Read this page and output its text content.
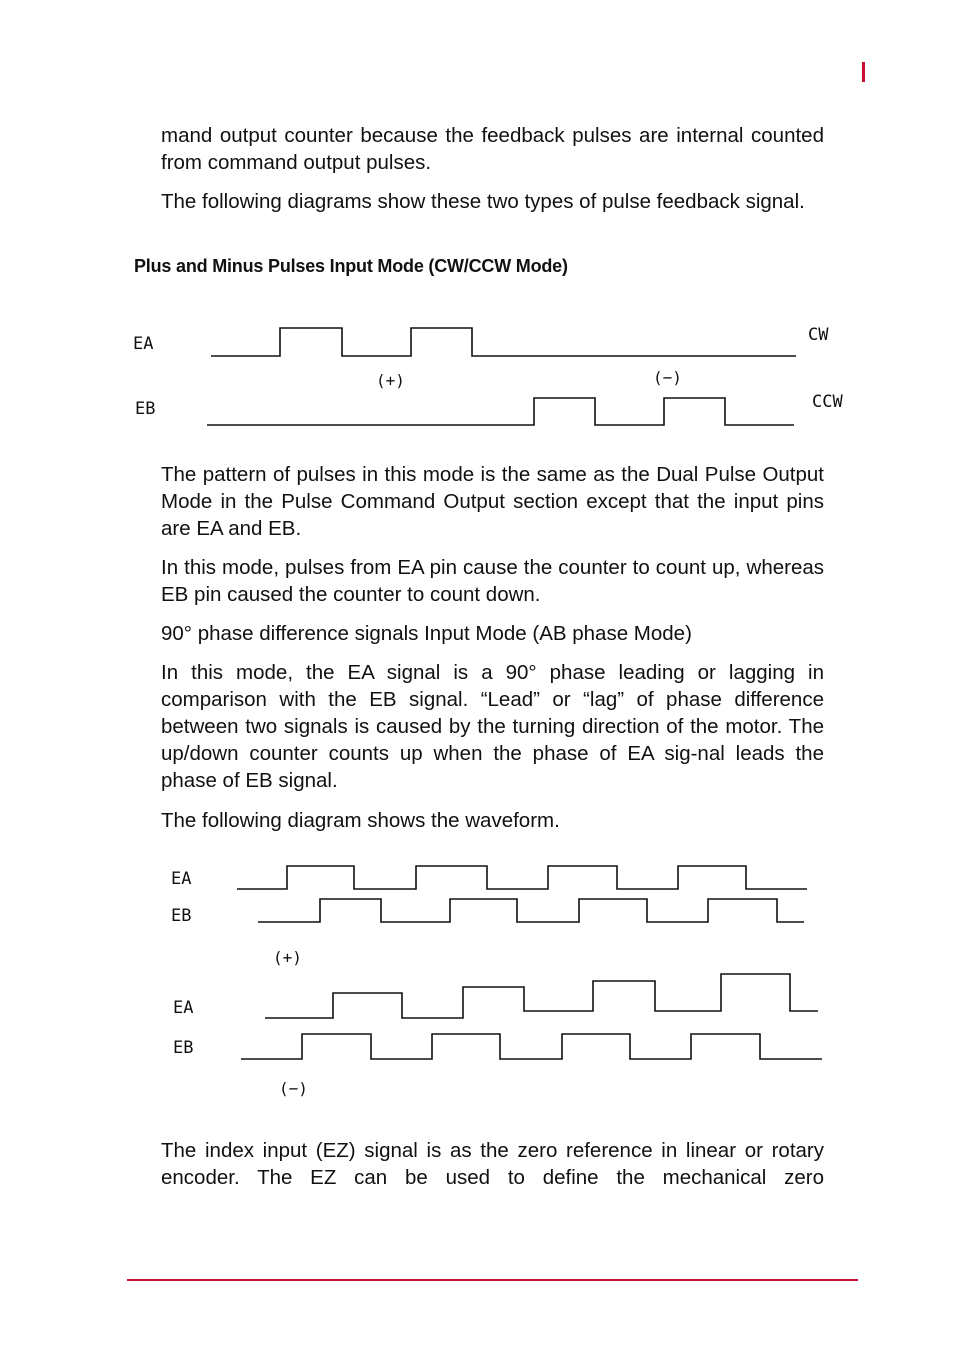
mand output counter because the feedback pulses are internal counted from command output pulses.

The following diagrams show these two types of pulse feedback signal.

Plus and Minus Pulses Input Mode (CW/CCW Mode)

EA
EB
CW
CCW
(+)	(−)

The pattern of pulses in this mode is the same as the Dual Pulse Output Mode in the Pulse Command Output section except that the input pins are EA and EB.

In this mode, pulses from EA pin cause the counter to count up, whereas EB pin caused the counter to count down.

90° phase difference signals Input Mode (AB phase Mode)

In this mode, the EA signal is a 90° phase leading or lagging in comparison with the EB signal. “Lead” or “lag” of phase difference between two signals is caused by the turning direction of the motor. The up/down counter counts up when the phase of EA sig-nal leads the phase of EB signal.

The following diagram shows the waveform.

EA
EB
(+)
EA
EB
(−)

The index input (EZ) signal is as the zero reference in linear or rotary encoder. The EZ can be used to define the mechanical zero
